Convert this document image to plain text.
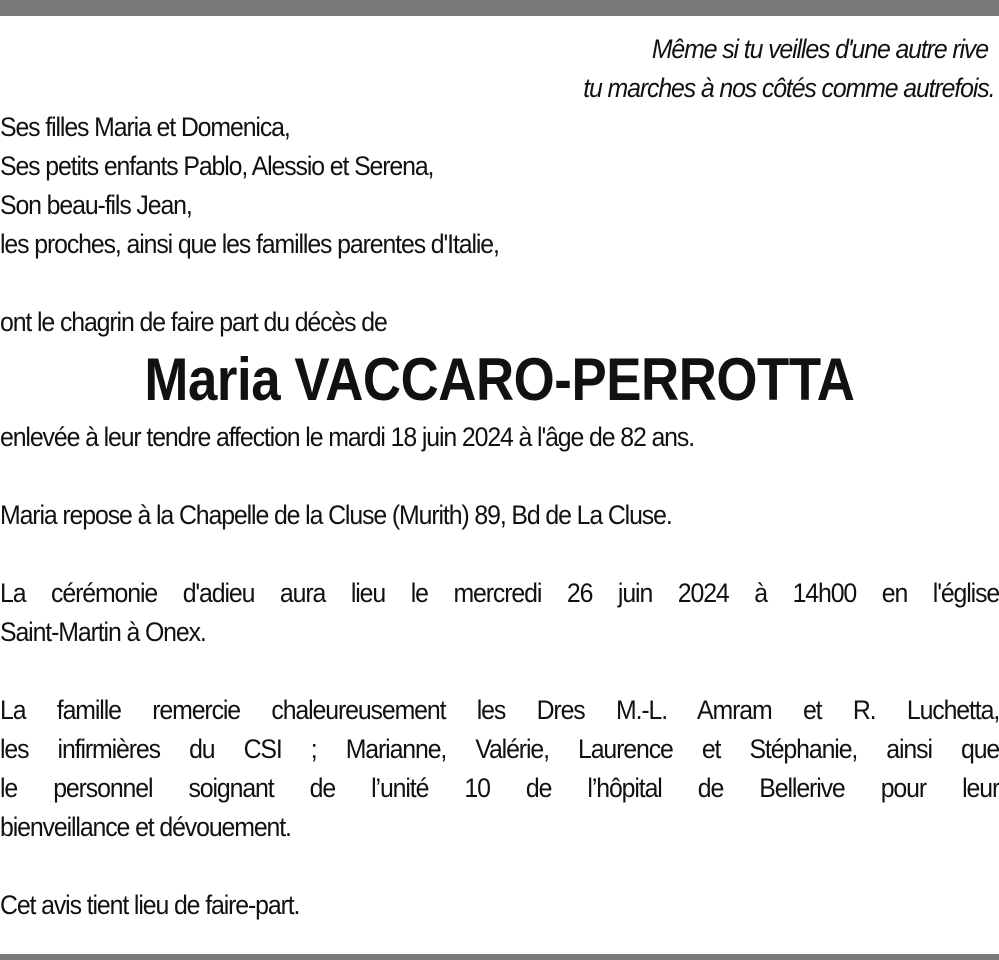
Même si tu veilles d'une autre rive
tu marches à nos côtés comme autrefois.

Ses filles Maria et Domenica,

Ses petits enfants Pablo, Alessio et Serena,

Son beau-fils Jean,

les proches, ainsi que les familles parentes d'Italie,

ont le chagrin de faire part du décès de

Maria VACCARO-PERROTTA

enlevée à leur tendre affection le mardi 18 juin 2024 à l'âge de 82 ans.

Maria repose à la Chapelle de la Cluse (Murith) 89, Bd de La Cluse.

La cérémonie d'adieu aura lieu le mercredi 26 juin 2024 à 14h00 en l'église
Saint-Martin à Onex.
La famille remercie chaleureusement les Dres M.-L. Amram et R. Luchetta,
les infirmières du CSI ; Marianne, Valérie, Laurence et Stéphanie, ainsi que
le personnel soignant de l’unité 10 de l’hôpital de Bellerive pour leur
bienveillance et dévouement.

Cet avis tient lieu de faire-part.
